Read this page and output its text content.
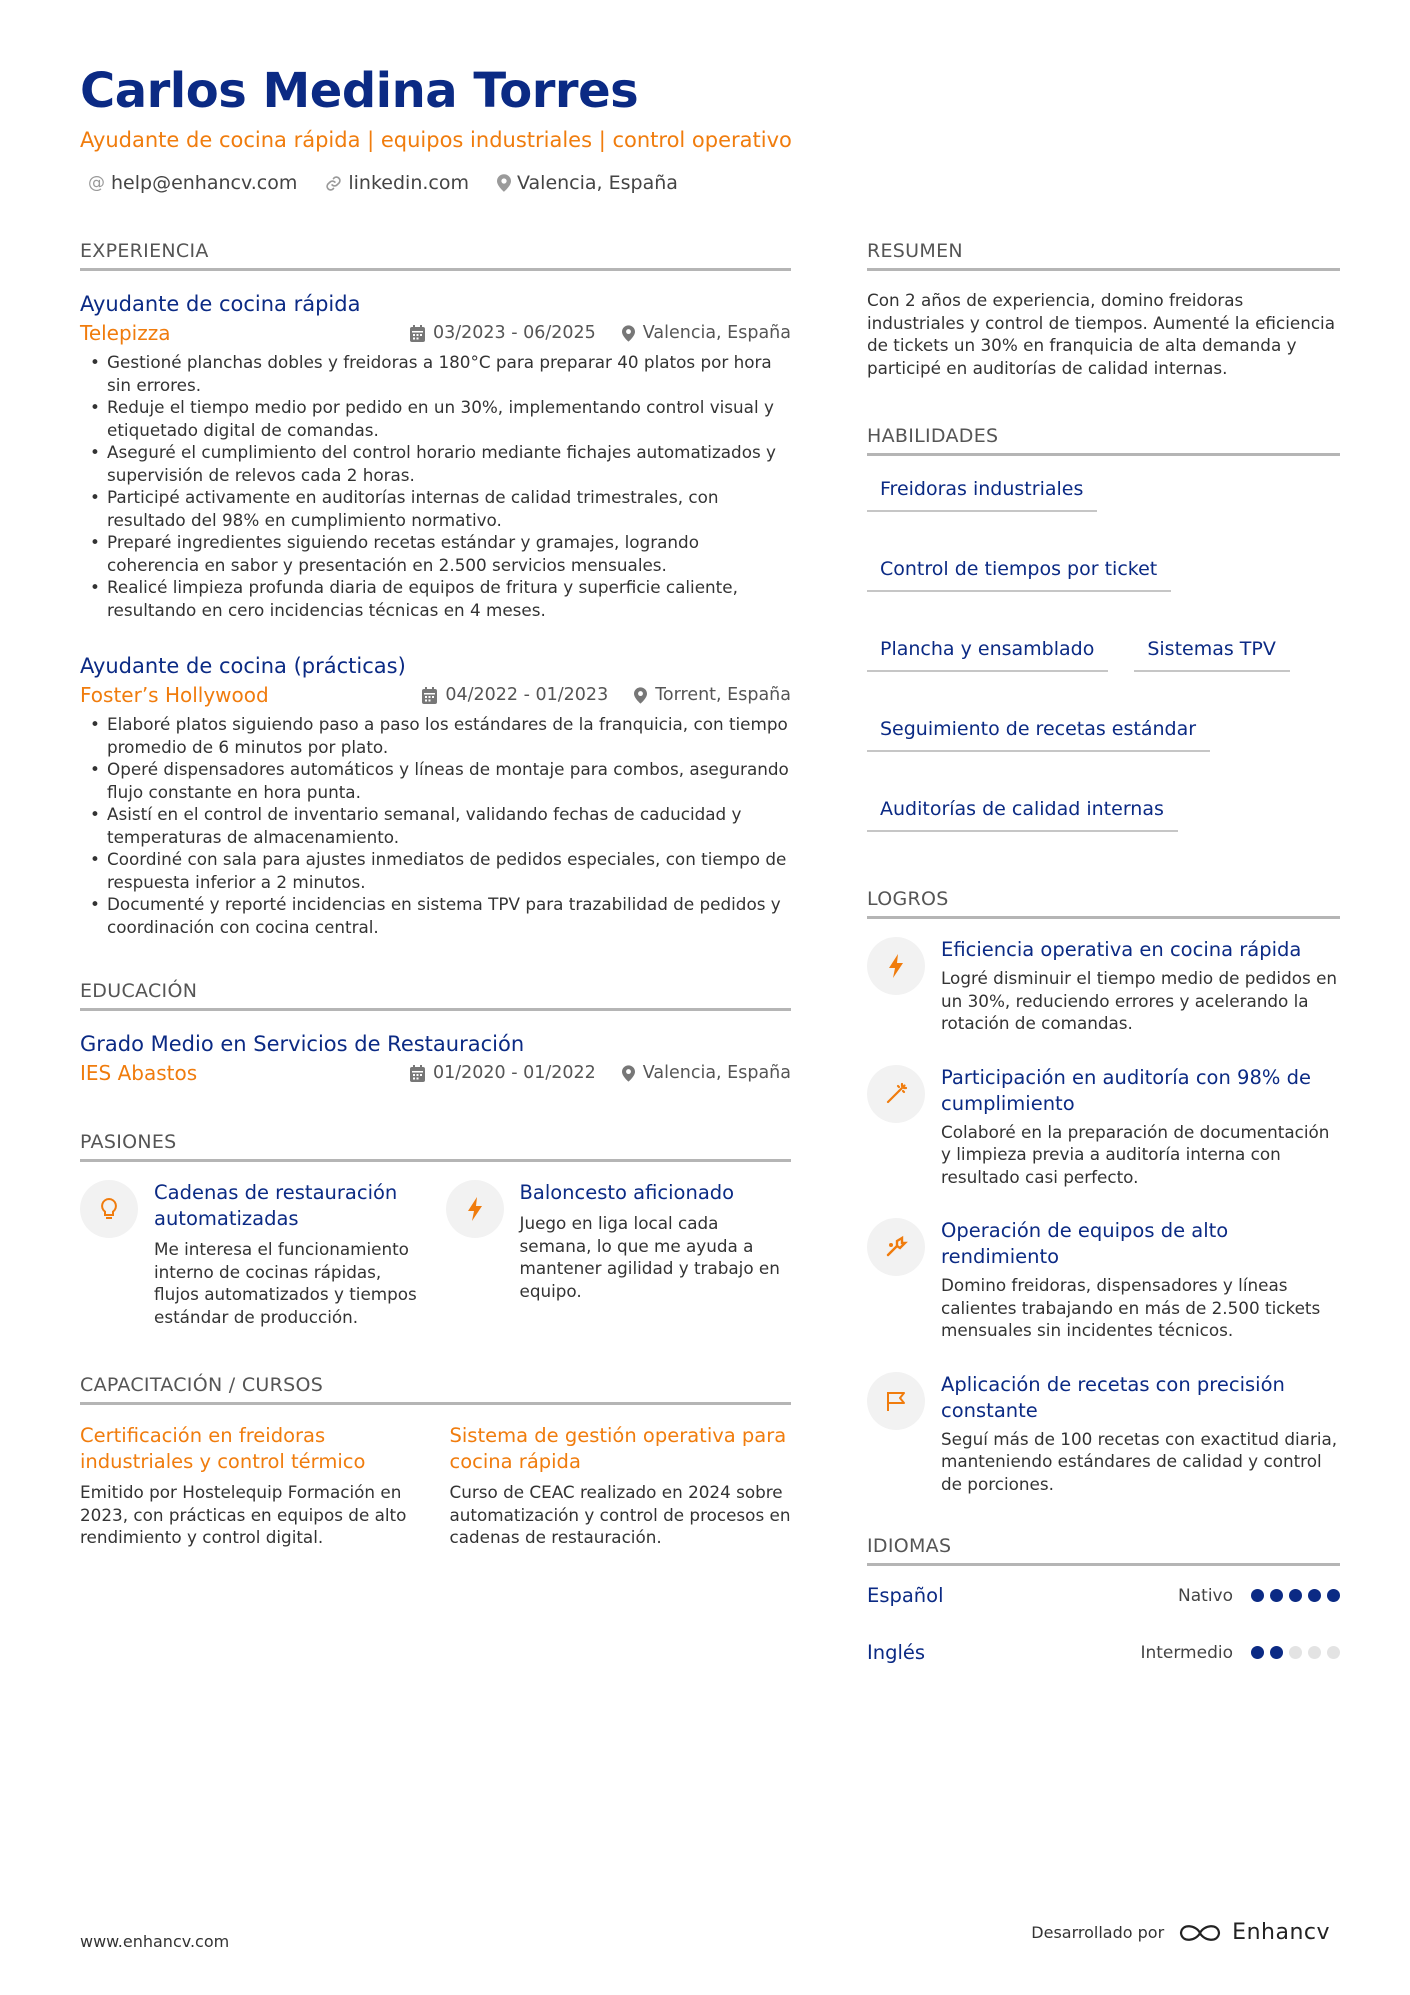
Carlos Medina Torres
Ayudante de cocina rápida | equipos industriales | control operativo
@ help@enhancv.com	linkedin.com	Valencia, España
EXPERIENCIA
Ayudante de cocina rápida
Telepizza	03/2023 - 06/2025	Valencia, España
• Gestioné planchas dobles y freidoras a 180°C para preparar 40 platos por hora sin errores.
• Reduje el tiempo medio por pedido en un 30%, implementando control visual y etiquetado digital de comandas.
• Aseguré el cumplimiento del control horario mediante fichajes automatizados y supervisión de relevos cada 2 horas.
• Participé activamente en auditorías internas de calidad trimestrales, con resultado del 98% en cumplimiento normativo.
• Preparé ingredientes siguiendo recetas estándar y gramajes, logrando coherencia en sabor y presentación en 2.500 servicios mensuales.
• Realicé limpieza profunda diaria de equipos de fritura y superficie caliente, resultando en cero incidencias técnicas en 4 meses.
Ayudante de cocina (prácticas)
Foster’s Hollywood	04/2022 - 01/2023	Torrent, España
• Elaboré platos siguiendo paso a paso los estándares de la franquicia, con tiempo promedio de 6 minutos por plato.
• Operé dispensadores automáticos y líneas de montaje para combos, asegurando flujo constante en hora punta.
• Asistí en el control de inventario semanal, validando fechas de caducidad y temperaturas de almacenamiento.
• Coordiné con sala para ajustes inmediatos de pedidos especiales, con tiempo de respuesta inferior a 2 minutos.
• Documenté y reporté incidencias en sistema TPV para trazabilidad de pedidos y coordinación con cocina central.
EDUCACIÓN
Grado Medio en Servicios de Restauración
IES Abastos	01/2020 - 01/2022	Valencia, España
PASIONES
Cadenas de restauración automatizadas
Me interesa el funcionamiento interno de cocinas rápidas, flujos automatizados y tiempos estándar de producción.
Baloncesto aficionado
Juego en liga local cada semana, lo que me ayuda a mantener agilidad y trabajo en equipo.
CAPACITACIÓN / CURSOS
Certificación en freidoras industriales y control térmico
Emitido por Hostelequip Formación en 2023, con prácticas en equipos de alto rendimiento y control digital.
Sistema de gestión operativa para cocina rápida
Curso de CEAC realizado en 2024 sobre automatización y control de procesos en cadenas de restauración.
RESUMEN
Con 2 años de experiencia, domino freidoras industriales y control de tiempos. Aumenté la eficiencia de tickets un 30% en franquicia de alta demanda y participé en auditorías de calidad internas.
HABILIDADES
Freidoras industriales
Control de tiempos por ticket
Plancha y ensamblado	Sistemas TPV
Seguimiento de recetas estándar
Auditorías de calidad internas
LOGROS
Eficiencia operativa en cocina rápida
Logré disminuir el tiempo medio de pedidos en un 30%, reduciendo errores y acelerando la rotación de comandas.
Participación en auditoría con 98% de cumplimiento
Colaboré en la preparación de documentación y limpieza previa a auditoría interna con resultado casi perfecto.
Operación de equipos de alto rendimiento
Domino freidoras, dispensadores y líneas calientes trabajando en más de 2.500 tickets mensuales sin incidentes técnicos.
Aplicación de recetas con precisión constante
Seguí más de 100 recetas con exactitud diaria, manteniendo estándares de calidad y control de porciones.
IDIOMAS
Español	Nativo
Inglés	Intermedio
www.enhancv.com	Desarrollado por	Enhancv
